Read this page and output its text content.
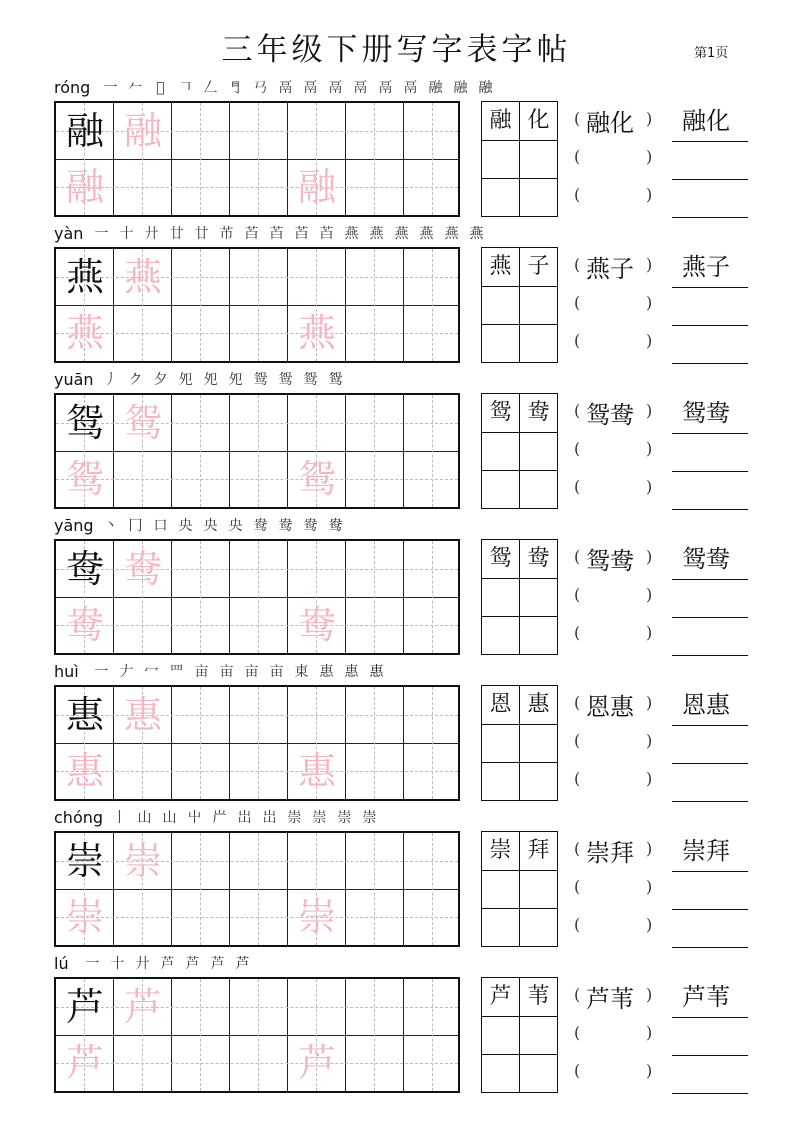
三年级下册写字表字帖	第1页
róng 一 𠂉 𠂌 𠃍 𠃋 𠃛 𢎘 鬲 鬲 鬲 鬲 鬲 鬲 融 融 融
融 融
融	融
融 化	(	)
融化
(	)
(	)
融化
yàn 一 十 廾 廿 廿 芇 苩 苩 苩 苩 燕 燕 燕 燕 燕 燕
燕 燕
燕	燕
燕 子	(	)
燕子
(	)
(	)
燕子
yuān 丿 ク 夕 夗 夗 夗 鸳 鸳 鸳 鸳
鸳 鸳
鸳	鸳
鸳 鸯	(	)
鸳鸯
(	)
(	)
鸳鸯
yāng 丶 冂 口 央 央 央 鸯 鸯 鸯 鸯
鸯 鸯
鸯	鸯
鸳 鸯	(	)
鸳鸯
(	)
(	)
鸳鸯
huì	一 𠂇 冖 罒 亩 亩 亩 亩 東 惠 惠 惠
惠 惠
惠	惠
恩 惠	(	)
恩惠
(	)
(	)
恩惠
chóng 丨 山 山 屮 屵 岀 岀 崇 崇 崇 崇
崇 崇
崇	崇
崇 拜	(	)
崇拜
(	)
(	)
崇拜
lú	一 十 廾 芦 芦 芦 芦
芦 芦
芦	芦
芦 苇	(	)
芦苇
(	)
(	)
芦苇
